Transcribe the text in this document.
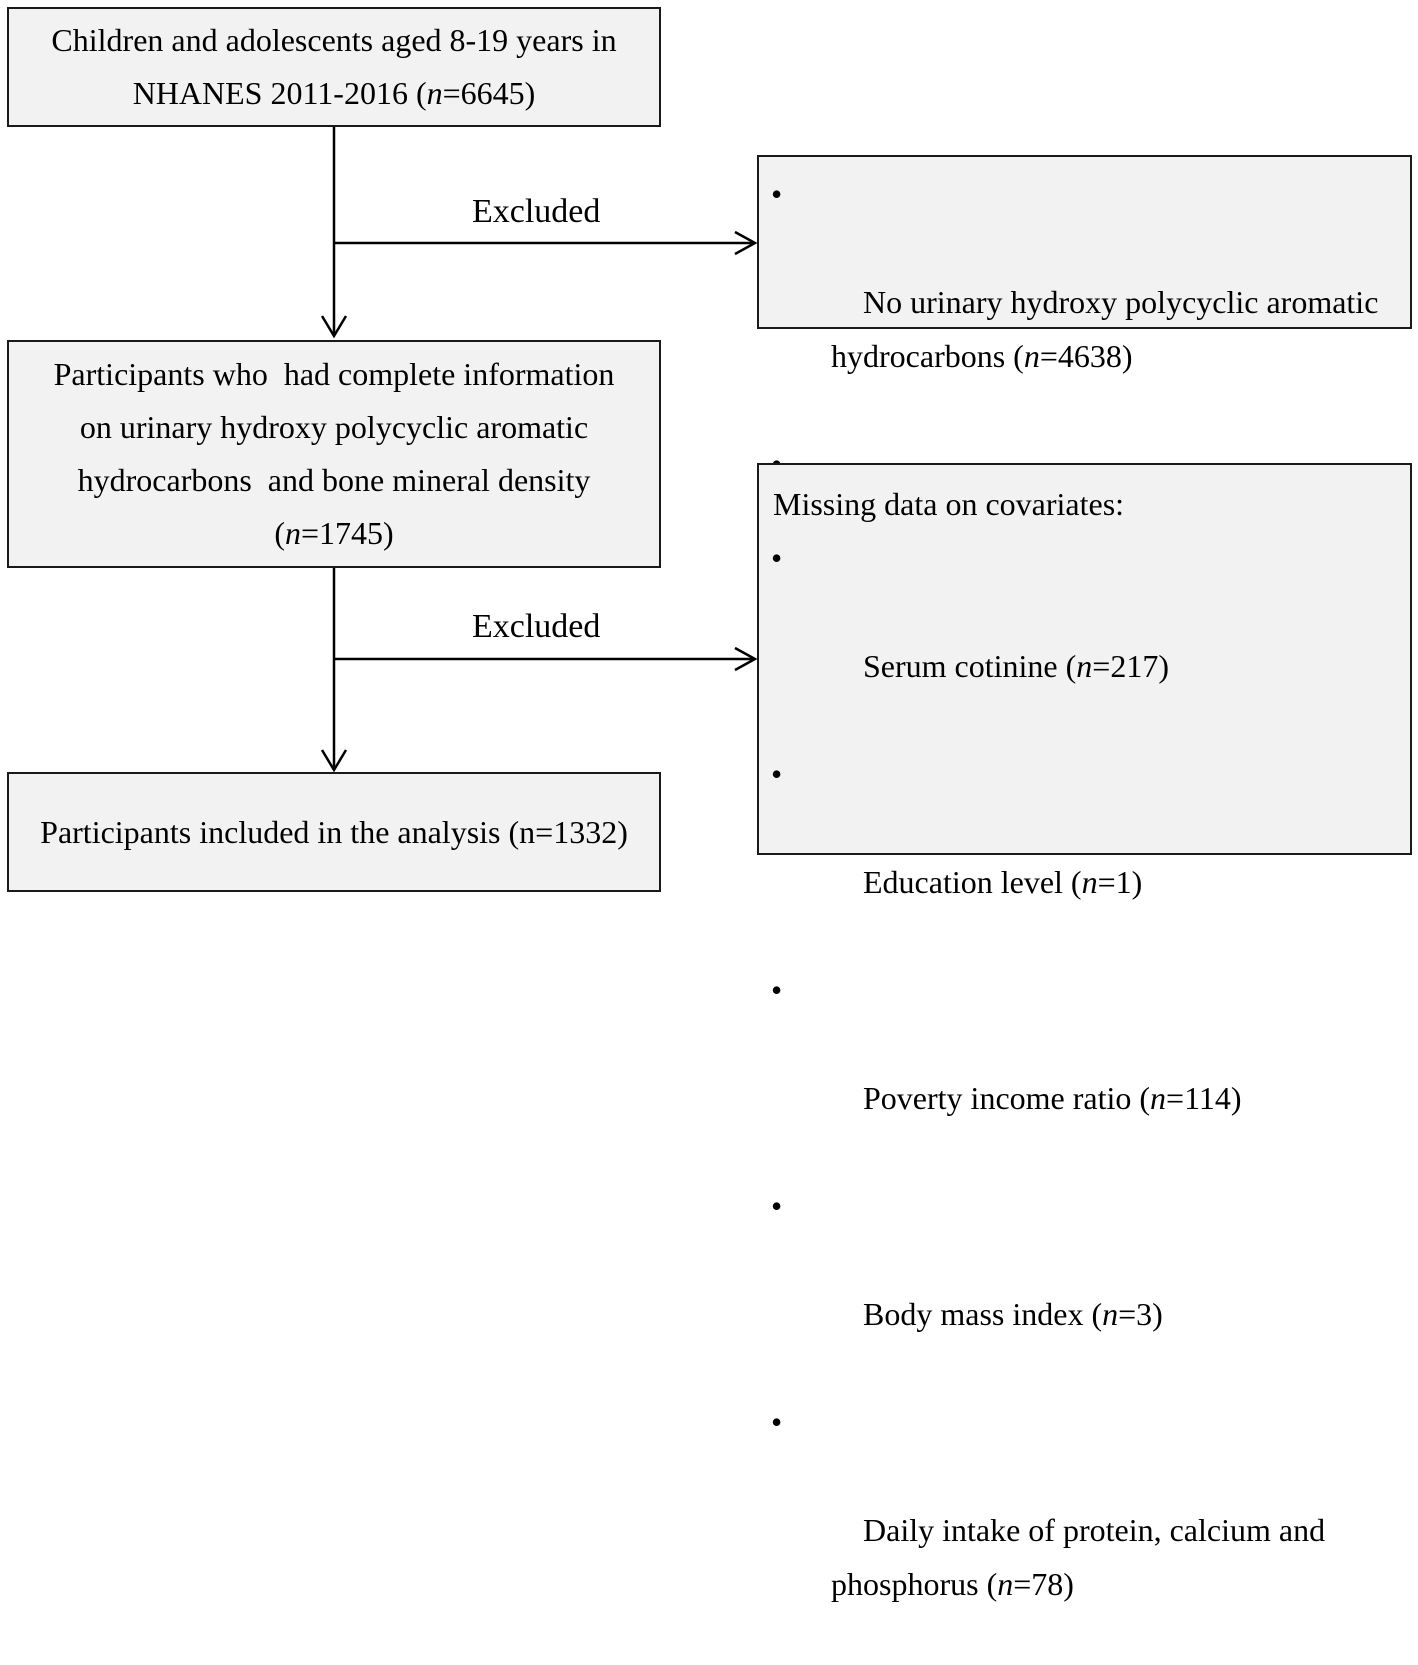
Children and adolescents aged 8-19 years in
NHANES 2011-2016 (n=6645)
Excluded

	•

No urinary hydroxy polycyclic aromatic
hydrocarbons (n=4638)

Participants who  had complete information
on urinary hydroxy polycyclic aromatic
hydrocarbons  and bone mineral density
(n=1745)
Excluded
Missing data on covariates:

•

Serum cotinine (n=217)

•

Education level (n=1)

•

Poverty income ratio (n=114)

•

Body mass index (n=3)

•

Daily intake of protein, calcium and
phosphorus (n=78)

Participants included in the analysis (n=1332)
